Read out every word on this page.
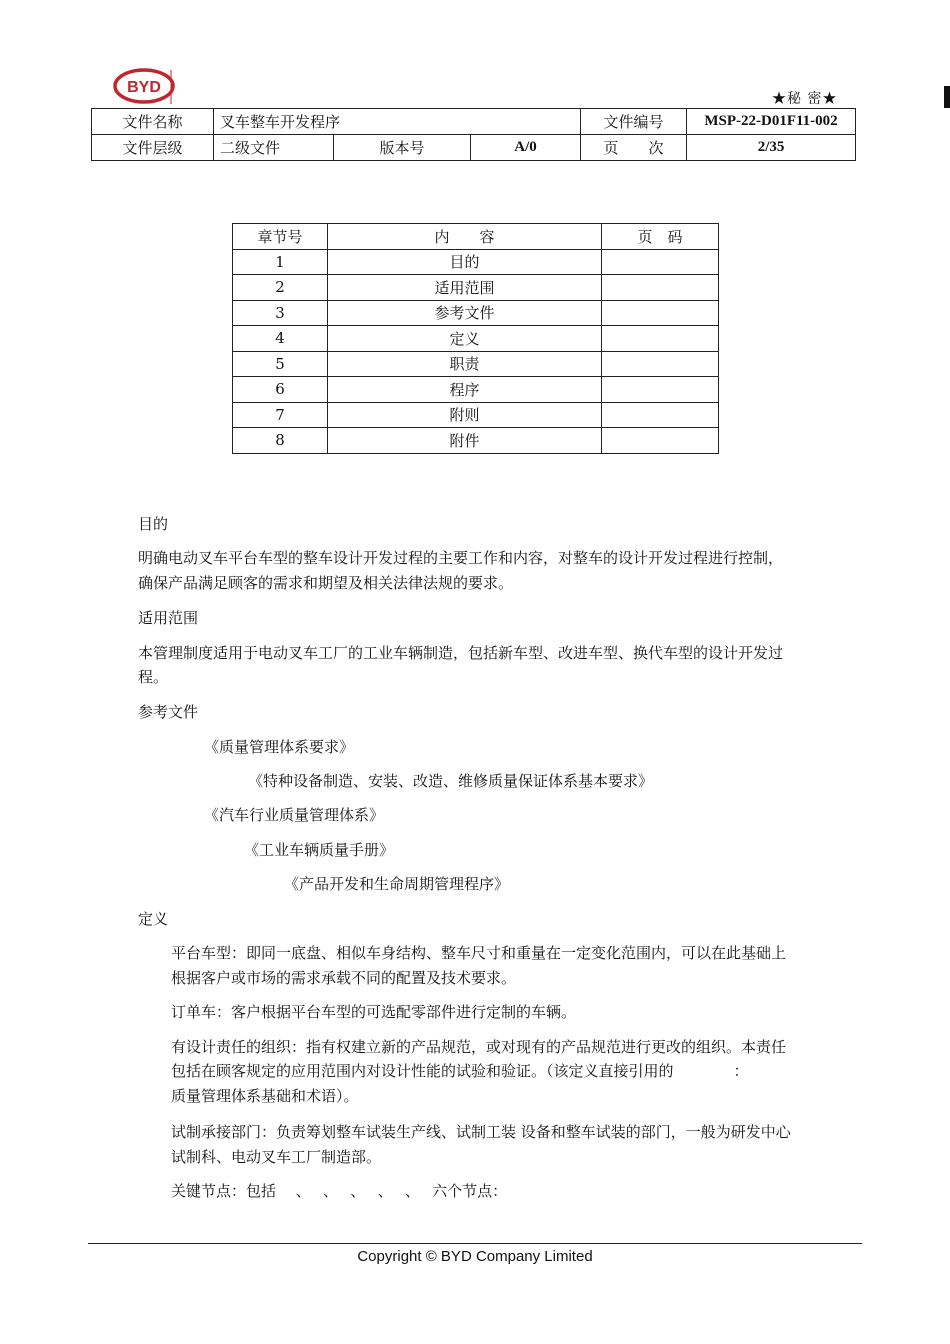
BYD
★秘 密★
文件名称	叉车整车开发程序			文件编号	MSP-22-D01F11-002
文件层级	二级文件	版本号	A/0	页　　次	2/35
章节号	内　　容	页　码
1	目的	
2	适用范围	
3	参考文件	
4	定义	
5	职责	
6	程序	
7	附则	
8	附件	
目的
明确电动叉车平台车型的整车设计开发过程的主要工作和内容，对整车的设计开发过程进行控制，
确保产品满足顾客的需求和期望及相关法律法规的要求。
适用范围
本管理制度适用于电动叉车工厂的工业车辆制造，包括新车型、改进车型、换代车型的设计开发过
程。
参考文件
《质量管理体系要求》
《特种设备制造、安装、改造、维修质量保证体系基本要求》
《汽车行业质量管理体系》
《工业车辆质量手册》
《产品开发和生命周期管理程序》
定义
平台车型：即同一底盘、相似车身结构、整车尺寸和重量在一定变化范围内，可以在此基础上
根据客户或市场的需求承载不同的配置及技术要求。
订单车：客户根据平台车型的可选配零部件进行定制的车辆。
有设计责任的组织：指有权建立新的产品规范，或对现有的产品规范进行更改的组织。本责任
包括在顾客规定的应用范围内对设计性能的试验和验证。（该定义直接引用的　　　　：
质量管理体系基础和术语）。
试制承接部门：负责筹划整车试装生产线、试制工装 设备和整车试装的部门，一般为研发中心
试制科、电动叉车工厂制造部。
关键节点：包括　 、　 、　 、　 、　 、　 六个节点：
Copyright © BYD Company Limited
